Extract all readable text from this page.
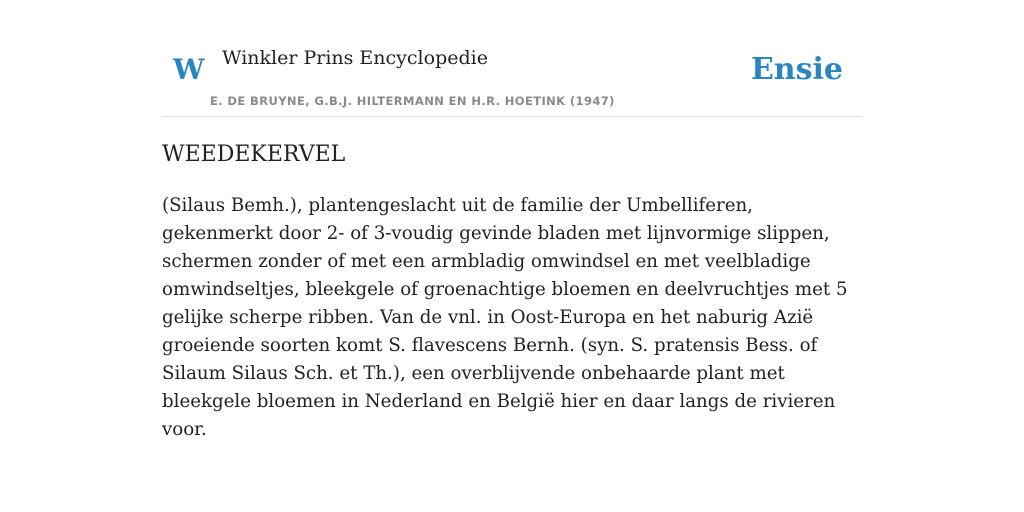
W Winkler Prins Encyclopedie
E. DE BRUYNE, G.B.J. HILTERMANN EN H.R. HOETINK (1947)
Ensie
WEEDEKERVEL

(Silaus Bemh.), plantengeslacht uit de familie der Umbelliferen, gekenmerkt door 2- of 3-voudig gevinde bladen met lijnvormige slippen, schermen zonder of met een armbladig omwindsel en met veelbladige omwindseltjes, bleekgele of groenachtige bloemen en deelvruchtjes met 5 gelijke scherpe ribben. Van de vnl. in Oost-Europa en het naburig Azië groeiende soorten komt S. flavescens Bernh. (syn. S. pratensis Bess. of Silaum Silaus Sch. et Th.), een overblijvende onbehaarde plant met bleekgele bloemen in Nederland en België hier en daar langs de rivieren voor.
